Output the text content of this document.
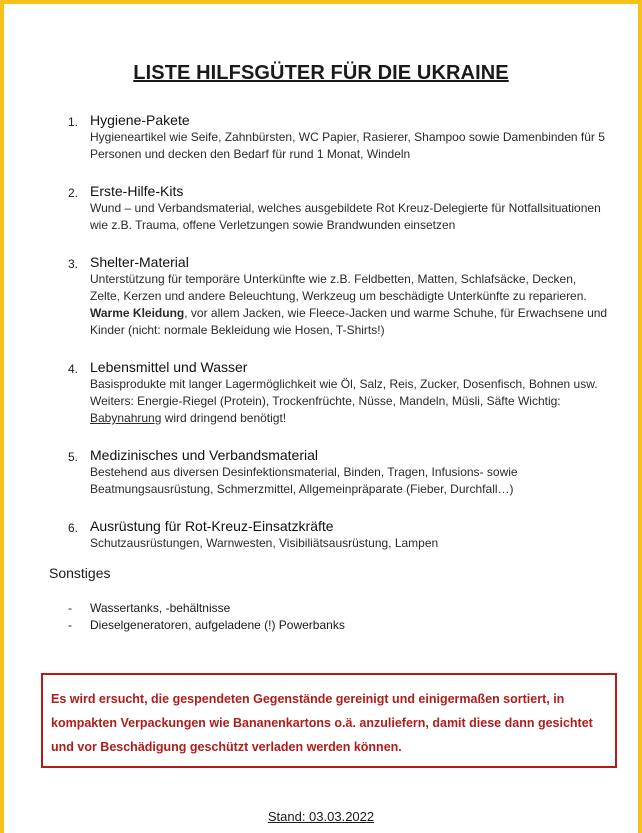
LISTE HILFSGÜTER FÜR DIE UKRAINE
1. Hygiene-Pakete
Hygieneartikel wie Seife, Zahnbürsten, WC Papier, Rasierer, Shampoo sowie Damenbinden für 5 Personen und decken den Bedarf für rund 1 Monat, Windeln
2. Erste-Hilfe-Kits
Wund – und Verbandsmaterial, welches ausgebildete Rot Kreuz-Delegierte für Notfallsituationen wie z.B. Trauma, offene Verletzungen sowie Brandwunden einsetzen
3. Shelter-Material
Unterstützung für temporäre Unterkünfte wie z.B. Feldbetten, Matten, Schlafsäcke, Decken, Zelte, Kerzen und andere Beleuchtung, Werkzeug um beschädigte Unterkünfte zu reparieren. Warme Kleidung, vor allem Jacken, wie Fleece-Jacken und warme Schuhe, für Erwachsene und Kinder (nicht: normale Bekleidung wie Hosen, T-Shirts!)
4. Lebensmittel und Wasser
Basisprodukte mit langer Lagermöglichkeit wie Öl, Salz, Reis, Zucker, Dosenfisch, Bohnen usw. Weiters: Energie-Riegel (Protein), Trockenfrüchte, Nüsse, Mandeln, Müsli, Säfte Wichtig: Babynahrung wird dringend benötigt!
5. Medizinisches und Verbandsmaterial
Bestehend aus diversen Desinfektionsmaterial, Binden, Tragen, Infusions- sowie Beatmungsausrüstung, Schmerzmittel, Allgemeinpräparate (Fieber, Durchfall…)
6. Ausrüstung für Rot-Kreuz-Einsatzkräfte
Schutzausrüstungen, Warnwesten, Visibiliätsausrüstung, Lampen
Sonstiges
-	Wassertanks, -behältnisse
-	Dieselgeneratoren, aufgeladene (!) Powerbanks
Es wird ersucht, die gespendeten Gegenstände gereinigt und einigermaßen sortiert, in kompakten Verpackungen wie Bananenkartons o.ä. anzuliefern, damit diese dann gesichtet und vor Beschädigung geschützt verladen werden können.
Stand: 03.03.2022
